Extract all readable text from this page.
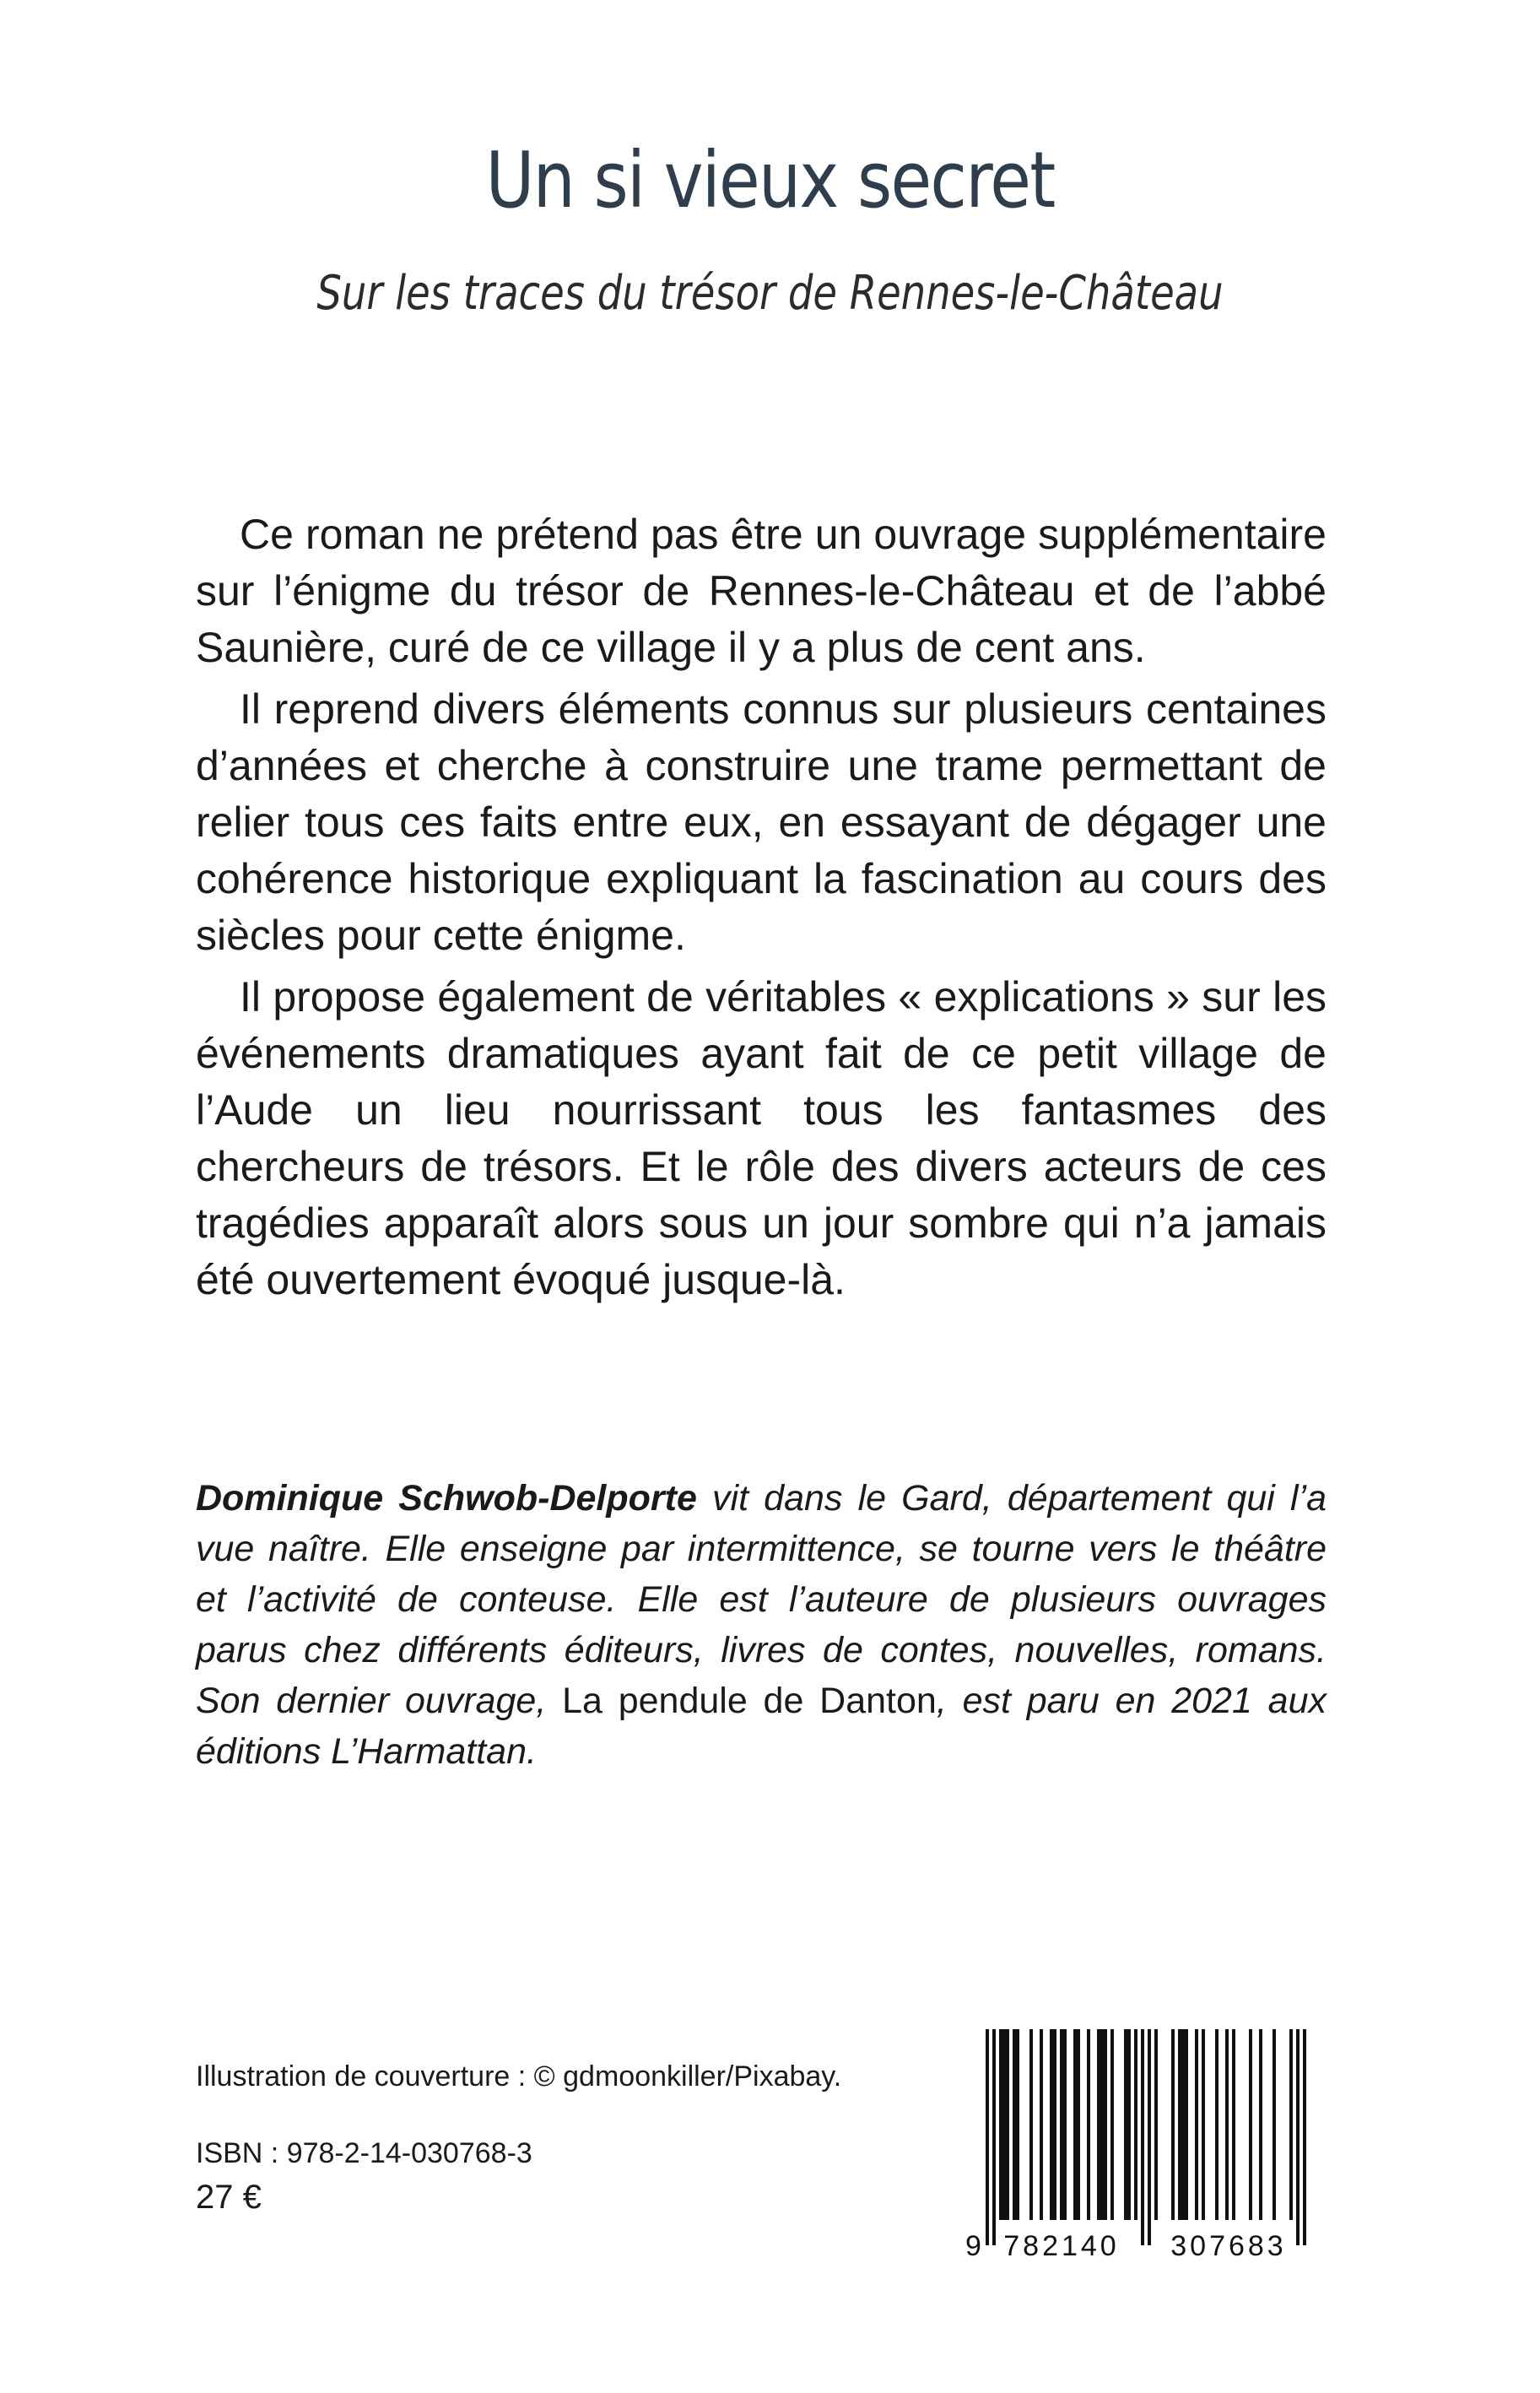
Un si vieux secret
Sur les traces du trésor de Rennes-le-Château

Ce roman ne prétend pas être un ouvrage supplémentaire sur l’énigme du trésor de Rennes-le-Château et de l’abbé Saunière, curé de ce village il y a plus de cent ans.

Il reprend divers éléments connus sur plusieurs centaines d’années et cherche à construire une trame permettant de relier tous ces faits entre eux, en essayant de dégager une cohérence historique expliquant la fascination au cours des siècles pour cette énigme.

Il propose également de véritables « explications » sur les événements dramatiques ayant fait de ce petit village de l’Aude un lieu nourrissant tous les fantasmes des chercheurs de trésors. Et le rôle des divers acteurs de ces tragédies apparaît alors sous un jour sombre qui n’a jamais été ouvertement évoqué jusque-là.

Dominique Schwob-Delporte vit dans le Gard, département qui l’a vue naître. Elle enseigne par intermittence, se tourne vers le théâtre et l’activité de conteuse. Elle est l’auteure de plusieurs ouvrages parus chez différents éditeurs, livres de contes, nouvelles, romans. Son dernier ouvrage, La pendule de Danton, est paru en 2021 aux éditions L’Harmattan.
Illustration de couverture : © gdmoonkiller/Pixabay.
ISBN : 978-2-14-030768-3
27 €
9 782140 307683
